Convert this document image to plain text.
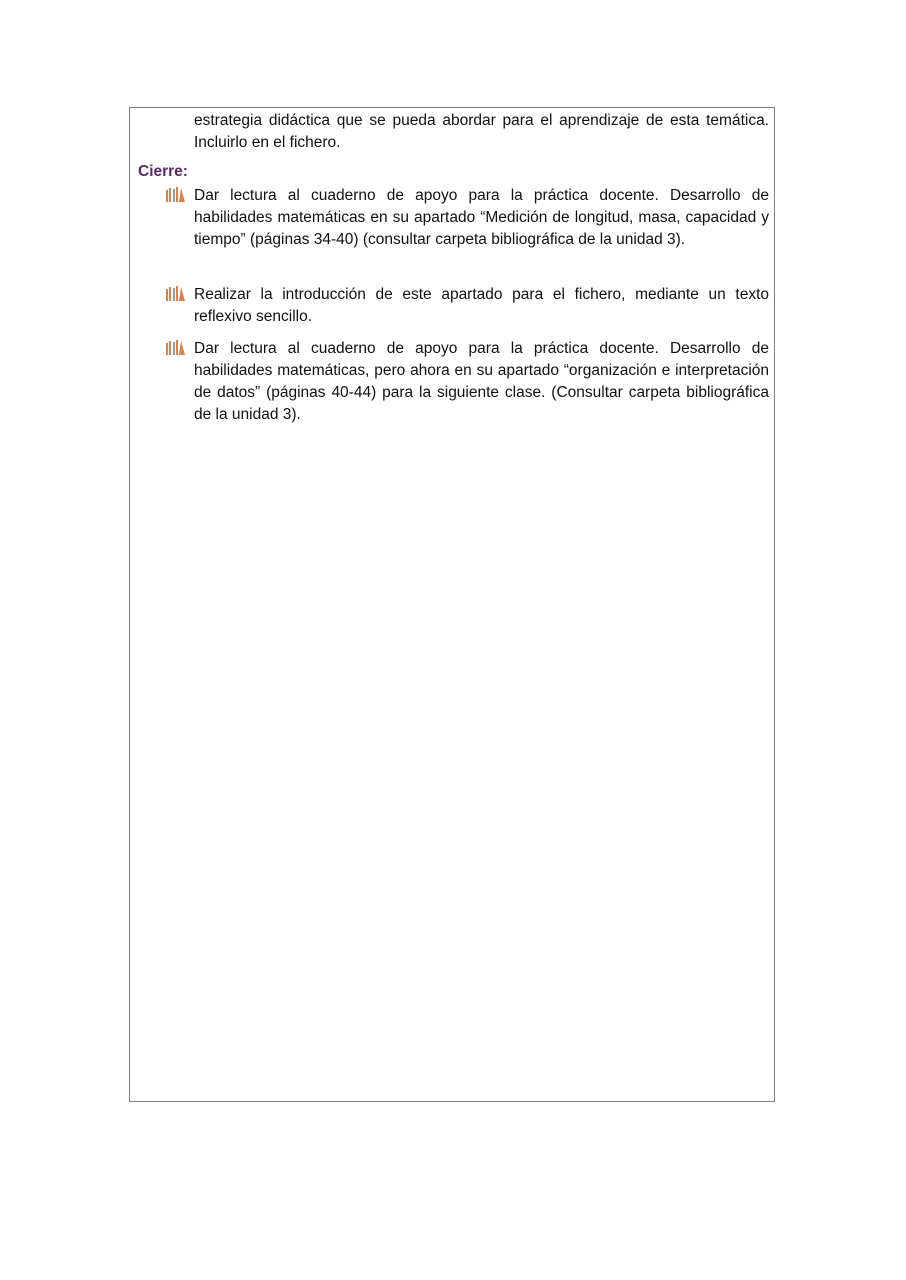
estrategia didáctica que se pueda abordar para el aprendizaje de esta temática. Incluirlo en el fichero.

Cierre:

Dar lectura al cuaderno de apoyo para la práctica docente. Desarrollo de habilidades matemáticas en su apartado “Medición de longitud, masa, capacidad y tiempo” (páginas 34-40) (consultar carpeta bibliográfica de la unidad 3).
Realizar la introducción de este apartado para el fichero, mediante un texto reflexivo sencillo.
Dar lectura al cuaderno de apoyo para la práctica docente. Desarrollo de habilidades matemáticas, pero ahora en su apartado “organización e interpretación de datos” (páginas 40-44) para la siguiente clase. (Consultar carpeta bibliográfica de la unidad 3).
